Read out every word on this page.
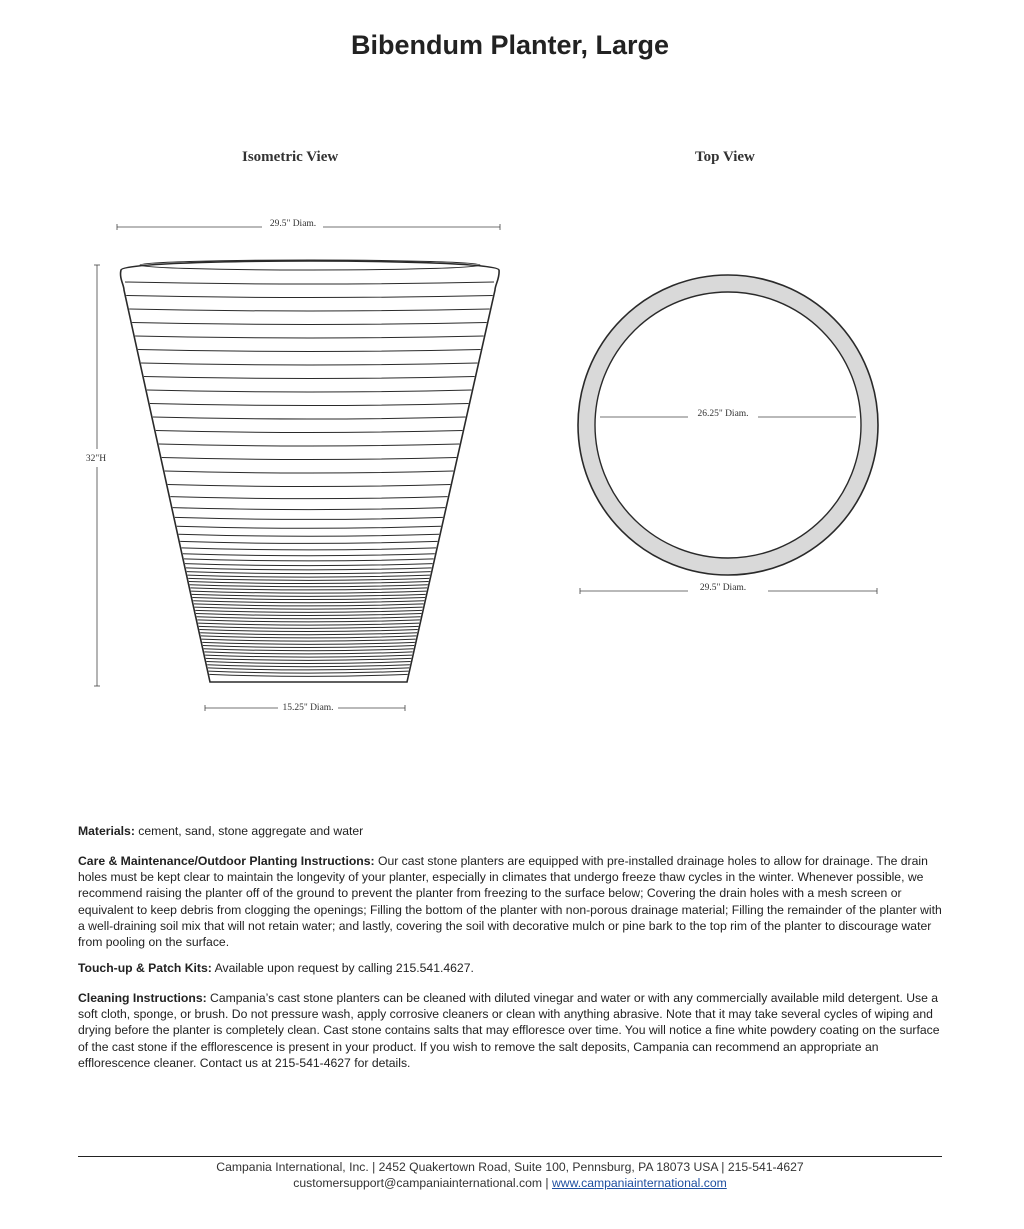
Bibendum Planter, Large
Isometric View	Top View
29.5" Diam.
32"H
15.25" Diam.
26.25" Diam.
29.5" Diam.
Materials: cement, sand, stone aggregate and water
Care & Maintenance/Outdoor Planting Instructions: Our cast stone planters are equipped with pre-installed drainage holes to allow for drainage. The drain holes must be kept clear to maintain the longevity of your planter, especially in climates that undergo freeze thaw cycles in the winter. Whenever possible, we recommend raising the planter off of the ground to prevent the planter from freezing to the surface below; Covering the drain holes with a mesh screen or equivalent to keep debris from clogging the openings; Filling the bottom of the planter with non-porous drainage material; Filling the remainder of the planter with a well-draining soil mix that will not retain water; and lastly, covering the soil with decorative mulch or pine bark to the top rim of the planter to discourage water from pooling on the surface.
Touch-up & Patch Kits: Available upon request by calling 215.541.4627.
Cleaning Instructions: Campania’s cast stone planters can be cleaned with diluted vinegar and water or with any commercially available mild detergent. Use a soft cloth, sponge, or brush. Do not pressure wash, apply corrosive cleaners or clean with anything abrasive. Note that it may take several cycles of wiping and drying before the planter is completely clean. Cast stone contains salts that may effloresce over time. You will notice a fine white powdery coating on the surface of the cast stone if the efflorescence is present in your product. If you wish to remove the salt deposits, Campania can recommend an appropriate an efflorescence cleaner. Contact us at 215-541-4627 for details.
Campania International, Inc. | 2452 Quakertown Road, Suite 100, Pennsburg, PA 18073 USA | 215-541-4627
customersupport@campaniainternational.com | www.campaniainternational.com
